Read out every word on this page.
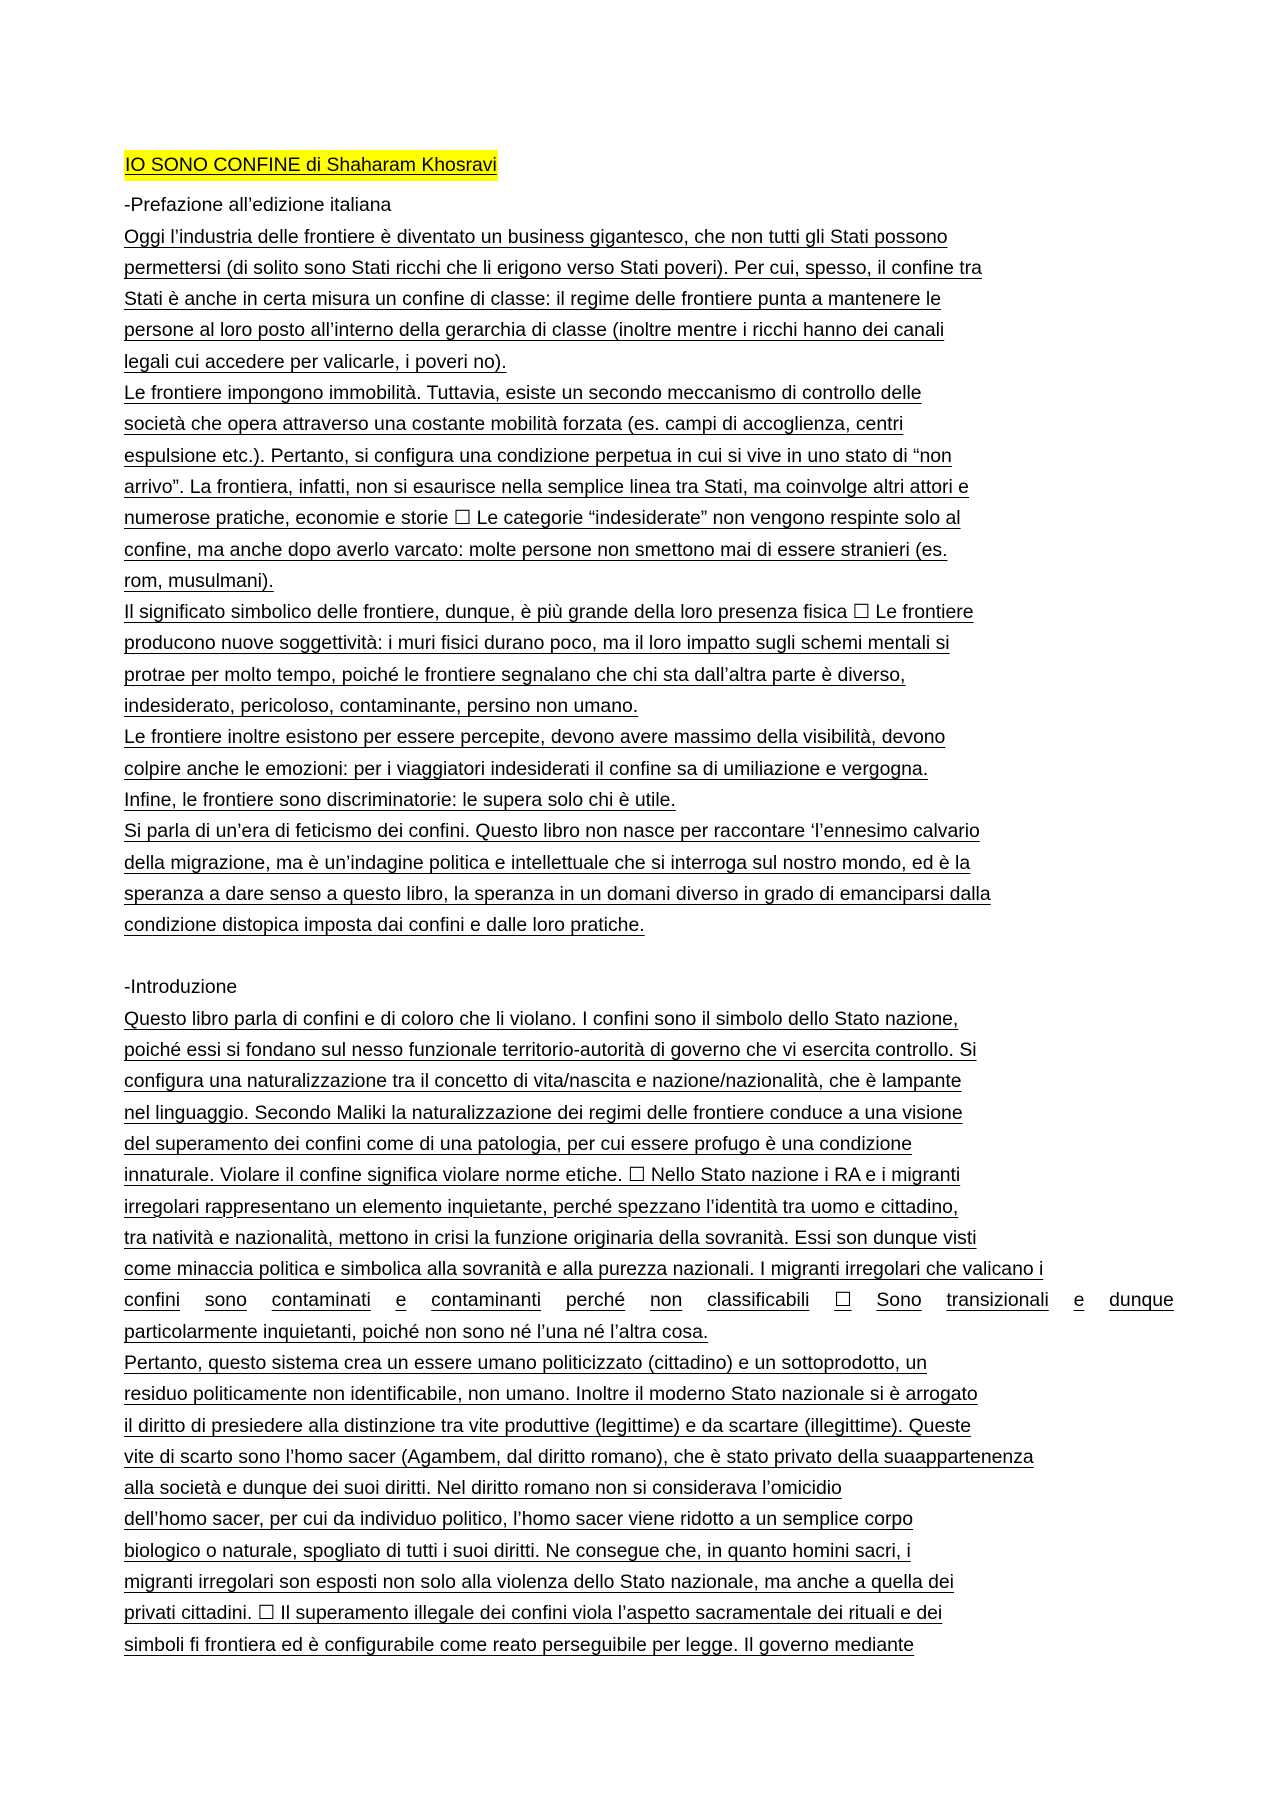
IO SONO CONFINE di Shaharam Khosravi
-Prefazione all’edizione italiana
Oggi l’industria delle frontiere è diventato un business gigantesco, che non tutti gli Stati possono
permettersi (di solito sono Stati ricchi che li erigono verso Stati poveri). Per cui, spesso, il confine tra
Stati è anche in certa misura un confine di classe: il regime delle frontiere punta a mantenere le
persone al loro posto all’interno della gerarchia di classe (inoltre mentre i ricchi hanno dei canali
legali cui accedere per valicarle, i poveri no).
Le frontiere impongono immobilità. Tuttavia, esiste un secondo meccanismo di controllo delle
società che opera attraverso una costante mobilità forzata (es. campi di accoglienza, centri
espulsione etc.). Pertanto, si configura una condizione perpetua in cui si vive in uno stato di “non
arrivo”. La frontiera, infatti, non si esaurisce nella semplice linea tra Stati, ma coinvolge altri attori e
numerose pratiche, economie e storie ☐ Le categorie “indesiderate” non vengono respinte solo al
confine, ma anche dopo averlo varcato: molte persone non smettono mai di essere stranieri (es.
rom, musulmani).
Il significato simbolico delle frontiere, dunque, è più grande della loro presenza fisica ☐ Le frontiere
producono nuove soggettività: i muri fisici durano poco, ma il loro impatto sugli schemi mentali si
protrae per molto tempo, poiché le frontiere segnalano che chi sta dall’altra parte è diverso,
indesiderato, pericoloso, contaminante, persino non umano.
Le frontiere inoltre esistono per essere percepite, devono avere massimo della visibilità, devono
colpire anche le emozioni: per i viaggiatori indesiderati il confine sa di umiliazione e vergogna.
Infine, le frontiere sono discriminatorie: le supera solo chi è utile.
Si parla di un’era di feticismo dei confini. Questo libro non nasce per raccontare ‘l’ennesimo calvario
della migrazione, ma è un’indagine politica e intellettuale che si interroga sul nostro mondo, ed è la
speranza a dare senso a questo libro, la speranza in un domani diverso in grado di emanciparsi dalla
condizione distopica imposta dai confini e dalle loro pratiche.
-Introduzione
Questo libro parla di confini e di coloro che li violano. I confini sono il simbolo dello Stato nazione,
poiché essi si fondano sul nesso funzionale territorio-autorità di governo che vi esercita controllo. Si
configura una naturalizzazione tra il concetto di vita/nascita e nazione/nazionalità, che è lampante
nel linguaggio. Secondo Maliki la naturalizzazione dei regimi delle frontiere conduce a una visione
del superamento dei confini come di una patologia, per cui essere profugo è una condizione
innaturale. Violare il confine significa violare norme etiche. ☐ Nello Stato nazione i RA e i migranti
irregolari rappresentano un elemento inquietante, perché spezzano l’identità tra uomo e cittadino,
tra natività e nazionalità, mettono in crisi la funzione originaria della sovranità. Essi son dunque visti
come minaccia politica e simbolica alla sovranità e alla purezza nazionali. I migranti irregolari che valicano i
confini sono contaminati e contaminanti perché non classificabili ☐ Sono transizionali e dunque
particolarmente inquietanti, poiché non sono né l’una né l’altra cosa.
Pertanto, questo sistema crea un essere umano politicizzato (cittadino) e un sottoprodotto, un
residuo politicamente non identificabile, non umano. Inoltre il moderno Stato nazionale si è arrogato
il diritto di presiedere alla distinzione tra vite produttive (legittime) e da scartare (illegittime). Queste
vite di scarto sono l’homo sacer (Agambem, dal diritto romano), che è stato privato della suaappartenenza
alla società e dunque dei suoi diritti. Nel diritto romano non si considerava l’omicidio
dell’homo sacer, per cui da individuo politico, l’homo sacer viene ridotto a un semplice corpo
biologico o naturale, spogliato di tutti i suoi diritti. Ne consegue che, in quanto homini sacri, i
migranti irregolari son esposti non solo alla violenza dello Stato nazionale, ma anche a quella dei
privati cittadini. ☐ Il superamento illegale dei confini viola l’aspetto sacramentale dei rituali e dei
simboli fi frontiera ed è configurabile come reato perseguibile per legge. Il governo mediante
